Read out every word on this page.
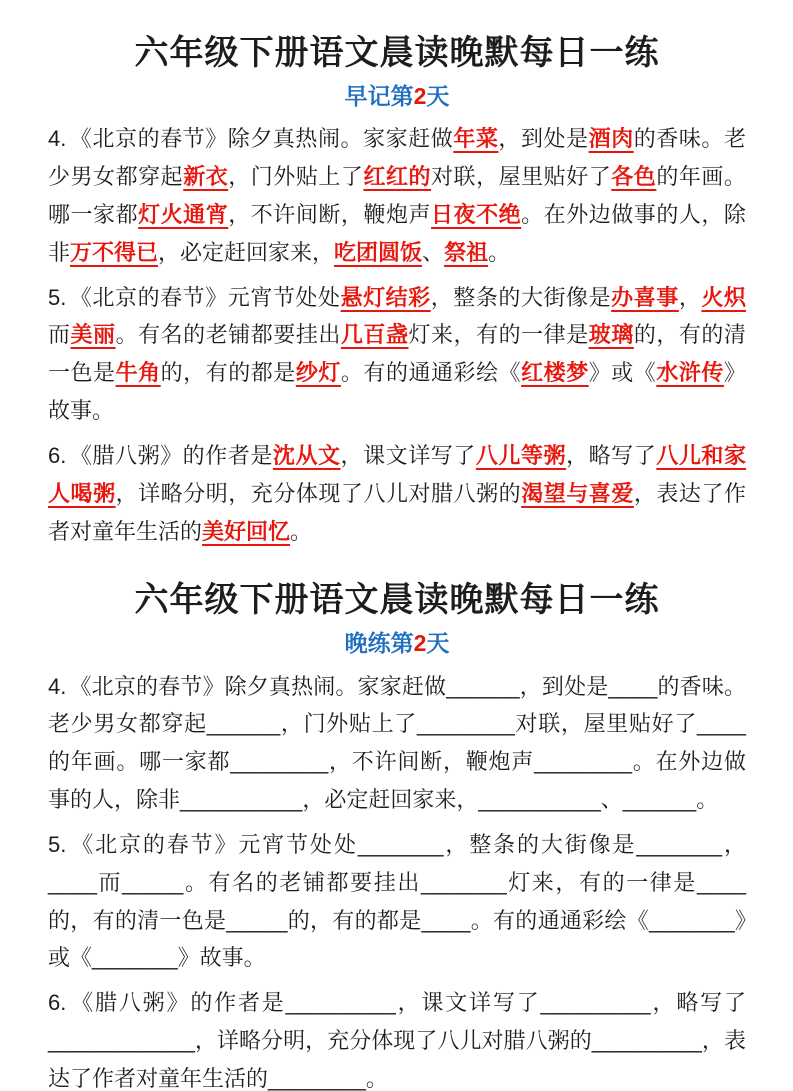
六年级下册语文晨读晚默每日一练
早记第2天

4. 《北京的春节》除夕真热闹。家家赶做年菜，到处是酒肉的香味。老少男女都穿起新衣，门外贴上了红红的对联，屋里贴好了各色的年画。哪一家都灯火通宵，不许间断，鞭炮声日夜不绝。在外边做事的人，除非万不得已，必定赶回家来，吃团圆饭、祭祖。

5. 《北京的春节》元宵节处处悬灯结彩，整条的大街像是办喜事，火炽而美丽。有名的老铺都要挂出几百盏灯来，有的一律是玻璃的，有的清一色是牛角的，有的都是纱灯。有的通通彩绘《红楼梦》或《水浒传》故事。

6. 《腊八粥》的作者是沈从文，课文详写了八儿等粥，略写了八儿和家人喝粥，详略分明，充分体现了八儿对腊八粥的渴望与喜爱，表达了作者对童年生活的美好回忆。

六年级下册语文晨读晚默每日一练
晚练第2天

4. 《北京的春节》除夕真热闹。家家赶做______，到处是____的香味。老少男女都穿起______，门外贴上了________对联，屋里贴好了____的年画。哪一家都________，不许间断，鞭炮声________。在外边做事的人，除非__________，必定赶回家来，__________、______。

5. 《北京的春节》元宵节处处_______，整条的大街像是_______，____而_____。有名的老铺都要挂出_______灯来，有的一律是____的，有的清一色是_____的，有的都是____。有的通通彩绘《_______》或《_______》故事。

6. 《腊八粥》的作者是_________，课文详写了_________，略写了____________，详略分明，充分体现了八儿对腊八粥的_________，表达了作者对童年生活的________。
